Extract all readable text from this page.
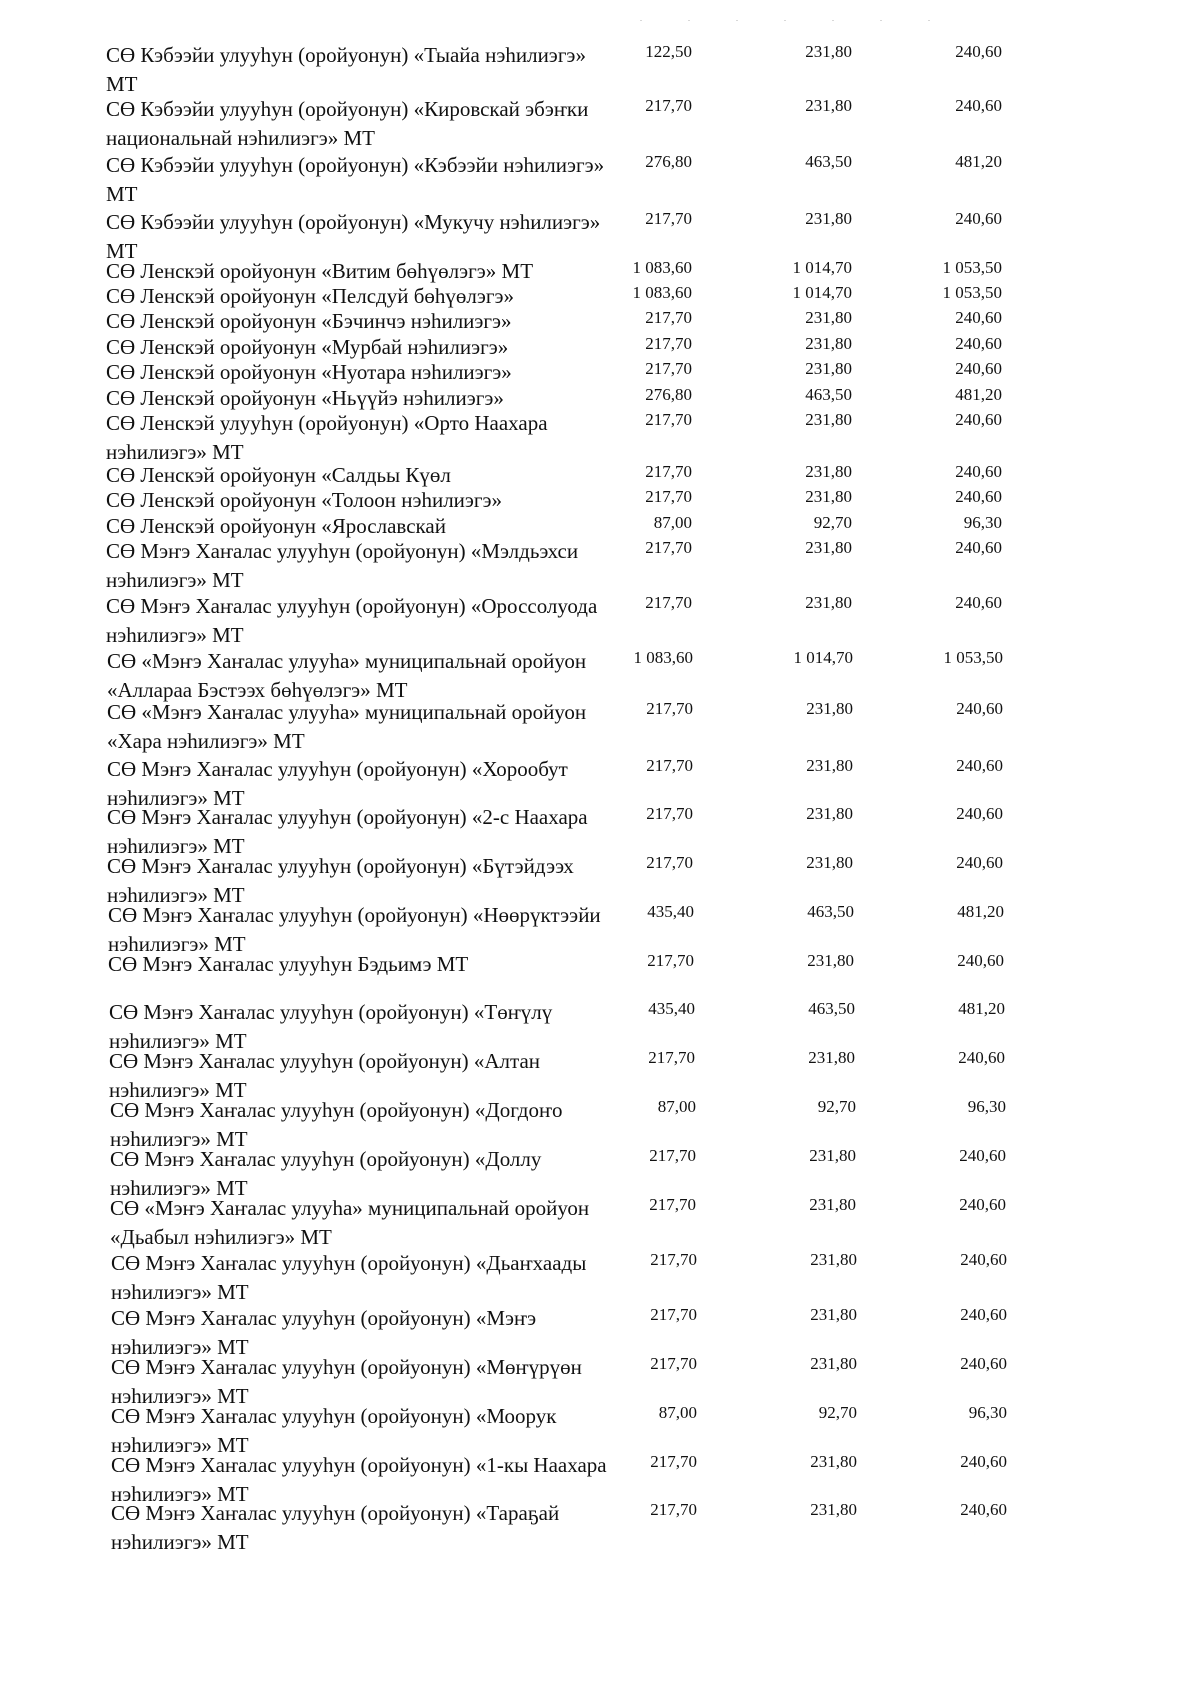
. . . . . . .
СӨ Кэбээйи улууhун (оройуонун) «Тыайа нэhилиэгэ» МТ
122,50	231,80	240,60
СӨ Кэбээйи улууhун (оройуонун) «Кировскай эбэҥки национальнай нэhилиэгэ» МТ
217,70	231,80	240,60
СӨ Кэбээйи улууhун (оройуонун) «Кэбээйи нэhилиэгэ» МТ
276,80	463,50	481,20
СӨ Кэбээйи улууhун (оройуонун) «Мукучу нэhилиэгэ» МТ
217,70	231,80	240,60
СӨ Ленскэй оройуонун «Витим бөhүөлэгэ» МТ	1 083,60	1 014,70	1 053,50
СӨ Ленскэй оройуонун «Пелсдуй бөhүөлэгэ»	1 083,60	1 014,70	1 053,50
СӨ Ленскэй оройуонун «Бэчинчэ нэhилиэгэ»	217,70	231,80	240,60
СӨ Ленскэй оройуонун «Мурбай нэhилиэгэ»	217,70	231,80	240,60
СӨ Ленскэй оройуонун «Нуотара нэhилиэгэ»	217,70	231,80	240,60
СӨ Ленскэй оройуонун «Ньүүйэ нэhилиэгэ»	276,80	463,50	481,20
СӨ Ленскэй улууhун (оройуонун) «Орто Наахара нэhилиэгэ» МТ
217,70	231,80	240,60
СӨ Ленскэй оройуонун «Салдьы Күөл	217,70	231,80	240,60
СӨ Ленскэй оройуонун «Толоон нэhилиэгэ»	217,70	231,80	240,60
СӨ Ленскэй оройуонун «Ярославскай	87,00	92,70	96,30
СӨ Мэҥэ Хаҥалас улууhун (оройуонун) «Мэлдьэхси нэhилиэгэ» МТ
217,70	231,80	240,60
СӨ Мэҥэ Хаҥалас улууhун (оройуонун) «Оросcолуода нэhилиэгэ» МТ
217,70	231,80	240,60
СӨ «Мэҥэ Хаҥалас улууhа» муниципальнай оройуон «Аллараа Бэстээх бөhүөлэгэ» МТ
1 083,60	1 014,70	1 053,50
СӨ «Мэҥэ Хаҥалас улууhа» муниципальнай оройуон «Хара нэhилиэгэ» МТ
217,70	231,80	240,60
СӨ Мэҥэ Хаҥалас улууhун (оройуонун) «Хорообут нэhилиэгэ» МТ
217,70	231,80	240,60
СӨ Мэҥэ Хаҥалас улууhун (оройуонун) «2-с Наахара нэhилиэгэ» МТ
217,70	231,80	240,60
СӨ Мэҥэ Хаҥалас улууhун (оройуонун) «Бүтэйдээх нэhилиэгэ» МТ
217,70	231,80	240,60
СӨ Мэҥэ Хаҥалас улууhун (оройуонун) «Нөөрүктээйи нэhилиэгэ» МТ
435,40	463,50	481,20
СӨ Мэҥэ Хаҥалас улууhун Бэдьимэ МТ	217,70	231,80	240,60
СӨ Мэҥэ Хаҥалас улууhун (оройуонун) «Төҥүлү нэhилиэгэ» МТ
435,40	463,50	481,20
СӨ Мэҥэ Хаҥалас улууhун (оройуонун) «Алтан нэhилиэгэ» МТ
217,70	231,80	240,60
СӨ Мэҥэ Хаҥалас улууhун (оройуонун) «Догдоҥо нэhилиэгэ» МТ
87,00	92,70	96,30
СӨ Мэҥэ Хаҥалас улууhун (оройуонун) «Доллу нэhилиэгэ» МТ
217,70	231,80	240,60
СӨ «Мэҥэ Хаҥалас улууhа» муниципальнай оройуон «Дьабыл нэhилиэгэ» МТ
217,70	231,80	240,60
СӨ Мэҥэ Хаҥалас улууhун (оройуонун) «Дьаҥхаады нэhилиэгэ» МТ
217,70	231,80	240,60
СӨ Мэҥэ Хаҥалас улууhун (оройуонун) «Мэҥэ нэhилиэгэ» МТ
217,70	231,80	240,60
СӨ Мэҥэ Хаҥалас улууhун (оройуонун) «Мөҥүрүөн нэhилиэгэ» МТ
217,70	231,80	240,60
СӨ Мэҥэ Хаҥалас улууhун (оройуонун) «Моорук нэhилиэгэ» МТ
87,00	92,70	96,30
СӨ Мэҥэ Хаҥалас улууhун (оройуонун) «1-кы Наахара нэhилиэгэ» МТ
217,70	231,80	240,60
СӨ Мэҥэ Хаҥалас улууhун (оройуонун) «Тараҕай нэhилиэгэ» МТ
217,70	231,80	240,60
